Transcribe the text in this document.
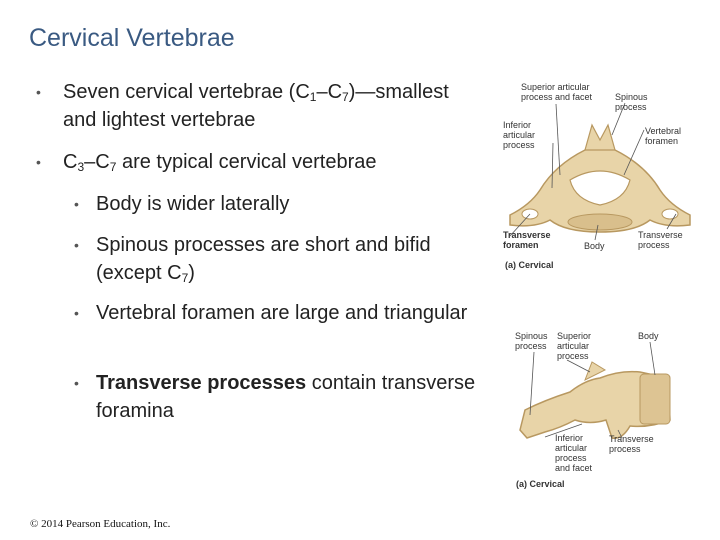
Cervical Vertebrae
• Seven cervical vertebrae $(C_1-C_7)—smallest$ and lightest vertebrae
• $C_3-C_7$ are typical cervical vertebrae
• Body is wider laterally
• Spinous processes are short and bifid (except $C_7$)
• Vertebral foramen are large and triangular
• Transverse processes contain transverse foramina
© 2014 Pearson Education, Inc.
Superior articular process and facet	Spinous process
Inferior articular process
Vertebral foramen
Transverse foramen	Body
Transverse process
(a) Cervical
Spinous process
Superior articular process
Body
Inferior articular process and facet
Transverse process
(a) Cervical
